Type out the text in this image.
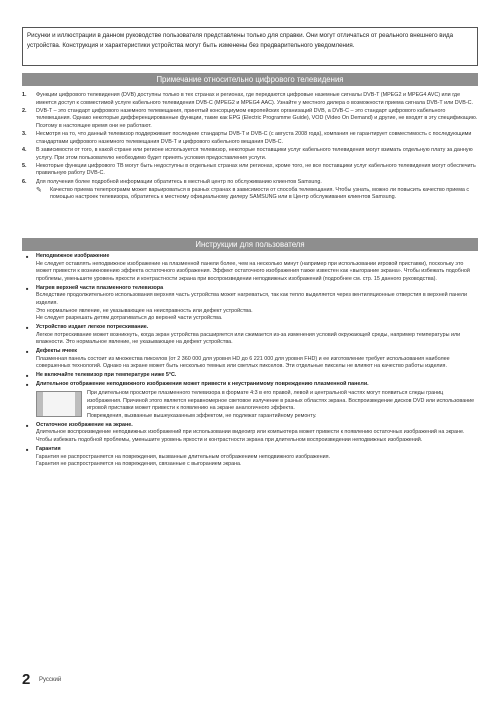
Рисунки и иллюстрации в данном руководстве пользователя представлены только для справки. Они могут отличаться от реального внешнего вида устройства. Конструкция и характеристики устройства могут быть изменены без предварительного уведомления.
Примечание относительно цифрового телевидения
1.	Функции цифрового телевидения (DVB) доступны только в тех странах и регионах, где передаются цифровые наземные сигналы DVB-T (MPEG2 и MPEG4 AVC) или где имеется доступ к совместимой услуге кабельного телевидения DVB-C (MPEG2 и MPEG4 AAC). Узнайте у местного дилера о возможности приема сигнала DVB-T или DVB-C.
2.	DVB-T – это стандарт цифрового наземного телевещания, принятый консорциумом европейских организаций DVB, а DVB-C – это стандарт цифрового кабельного телевещания. Однако некоторые дифференцированные функции, такие как EPG (Electric Programme Guide), VOD (Video On Demand) и другие, не входят в эту спецификацию. Поэтому в настоящее время они не работают.
3.	Несмотря на то, что данный телевизор поддерживает последние стандарты DVB-T и DVB-C (с августа 2008 года), компания не гарантирует совместимость с последующими стандартами цифрового наземного телевещания DVB-T и цифрового кабельного вещания DVB-C.
4.	В зависимости от того, в какой стране или регионе используется телевизор, некоторые поставщики услуг кабельного телевидения могут взимать отдельную плату за данную услугу. При этом пользователю необходимо будет принять условия предоставления услуги.
5.	Некоторые функции цифрового ТВ могут быть недоступны в отдельных странах или регионах, кроме того, не все поставщики услуг кабельного телевидения могут обеспечить правильную работу DVB-C.
6.	Для получения более подробной информации обратитесь в местный центр по обслуживанию клиентов Samsung.
✎	Качество приема телепрограмм может варьироваться в разных странах в зависимости от способа телевещания. Чтобы узнать, можно ли повысить качество приема с помощью настроек телевизора, обратитесь к местному официальному дилеру SAMSUNG или в Центр обслуживания клиентов Samsung.
Инструкции для пользователя
■	Неподвижное изображение
Не следует оставлять неподвижное изображение на плазменной панели более, чем на несколько минут (например при использовании игровой приставки), поскольку это может привести к возникновению эффекта остаточного изображения. Эффект остаточного изображения также известен как «выгорание экрана». Чтобы избежать подобной проблемы, уменьшите уровень яркости и контрастности экрана при воспроизведении неподвижных изображений (подробнее см. стр. 15 данного руководства).
■	Нагрев верхней части плазменного телевизора
Вследствие продолжительного использования верхняя часть устройства может нагреваться, так как тепло выделяется через вентиляционные отверстия в верхней панели изделия.
Это нормальное явление, не указывающее на неисправность или дефект устройства.
Не следует разрешать детям дотрагиваться до верхней части устройства.
■	Устройство издает легкое потрескивание.
Легкое потрескивание может возникнуть, когда экран устройства расширяется или сжимается из-за изменения условий окружающей среды, например температуры или влажности. Это нормальное явление, не указывающее на дефект устройства.
■	Дефекты ячеек
Плазменная панель состоит из множества пикселов (от 2 360 000 для уровня HD до 6 221 000 для уровня FHD) и ее изготовление требует использования наиболее совершенных технологий. Однако на экране может быть несколько темных или светлых пикселов. Эти отдельные пикселы не влияют на качество работы изделия.
■	Не включайте телевизор при температуре ниже 5°C.
■	Длительное отображение неподвижного изображения может привести к неустранимому повреждению плазменной панели.
При длительном просмотре плазменного телевизора в формате 4:3 в его правой, левой и центральной частях могут появиться следы границ изображения. Причиной этого является неравномерное световое излучение в разных областях экрана. Воспроизведение дисков DVD или использование игровой приставки может привести к появлению на экране аналогичного эффекта.
Повреждения, вызванные вышеуказанным эффектом, не подлежат гарантийному ремонту.
■	Остаточное изображение на экране.
Длительное воспроизведение неподвижных изображений при использовании видеоигр или компьютера может привести к появлению остаточных изображений на экране.
Чтобы избежать подобной проблемы, уменьшите уровень яркости и контрастности экрана при длительном воспроизведении неподвижных изображений.
■	Гарантия
Гарантия не распространяется на повреждения, вызванные длительным отображением неподвижного изображения.
Гарантия не распространяется на повреждения, связанные с выгоранием экрана.
2 Русский
